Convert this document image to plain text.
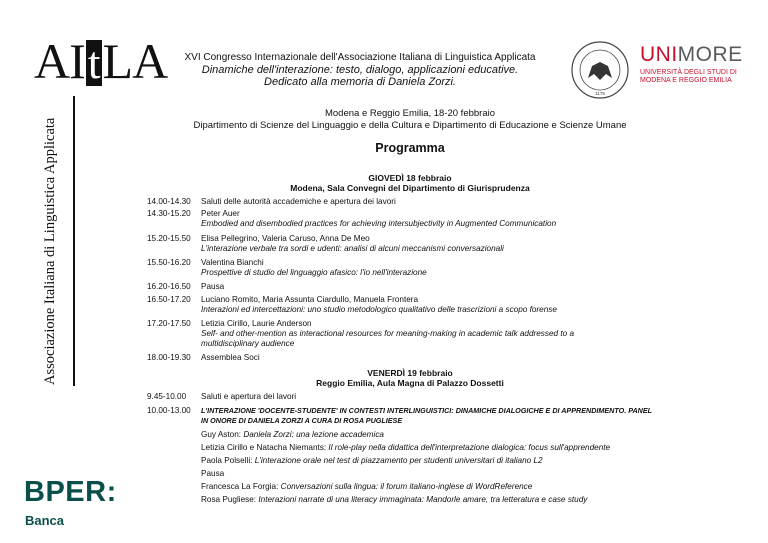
AItLA
Associazione Italiana di Linguistica Applicata
XVI Congresso Internazionale dell'Associazione Italiana di Linguistica Applicata
Dinamiche dell'interazione: testo, dialogo, applicazioni educative.
Dedicato alla memoria di Daniela Zorzi.
1175
UNIMORE
UNIVERSITÀ DEGLI STUDI DI
MODENA E REGGIO EMILIA
Modena e Reggio Emilia, 18-20 febbraio
Dipartimento di Scienze del Linguaggio e della Cultura e Dipartimento di Educazione e Scienze Umane
Programma
GIOVEDÌ 18 febbraio
Modena, Sala Convegni del Dipartimento di Giurisprudenza
14.00-14.30 Saluti delle autorità accademiche e apertura dei lavori
14.30-15.20 Peter Auer
Embodied and disembodied practices for achieving intersubjectivity in Augmented Communication
15.20-15.50 Elisa Pellegrino, Valeria Caruso, Anna De Meo
L'interazione verbale tra sordi e udenti: analisi di alcuni meccanismi conversazionali
15.50-16.20 Valentina Bianchi
Prospettive di studio del linguaggio afasico: l'io nell'interazione
16.20-16.50 Pausa
16.50-17.20 Luciano Romito, Maria Assunta Ciardullo, Manuela Frontera
Interazioni ed intercettazioni: uno studio metodologico qualitativo delle trascrizioni a scopo forense
17.20-17.50 Letizia Cirillo, Laurie Anderson
Self- and other-mention as interactional resources for meaning-making in academic talk addressed to a
multidisciplinary audience
18.00-19.30 Assemblea Soci
VENERDÌ 19 febbraio
Reggio Emilia, Aula Magna di Palazzo Dossetti
9.45-10.00 Saluti e apertura dei lavori
10.00-13.00	L'INTERAZIONE 'DOCENTE-STUDENTE' IN CONTESTI INTERLINGUISTICI: DINAMICHE DIALOGICHE E DI APPRENDIMENTO. PANEL
IN ONORE DI DANIELA ZORZI A CURA DI ROSA PUGLIESE
Guy Aston: Daniela Zorzi: una lezione accademica
Letizia Cirillo e Natacha Niemants: Il role-play nella didattica dell'interpretazione dialogica: focus sull'apprendente
Paola Polselli: L'interazione orale nel test di piazzamento per studenti universitari di italiano L2
Pausa
Francesca La Forgia: Conversazioni sulla lingua: il forum italiano-inglese di WordReference
Rosa Pugliese: Interazioni narrate di una literacy immaginata: Mandorle amare, tra letteratura e case study
BPER:
Banca
